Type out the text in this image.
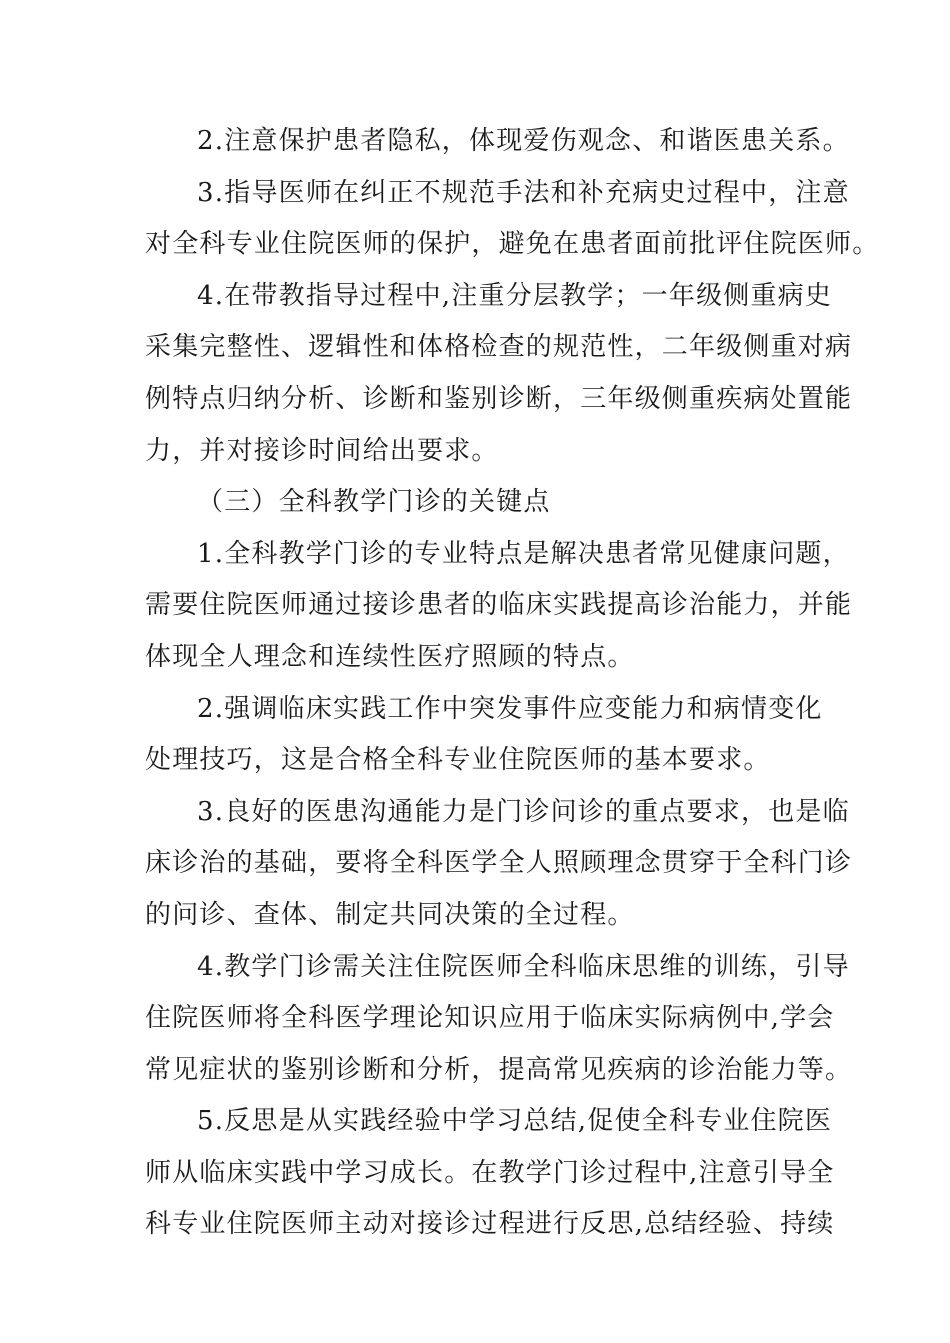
2.注意保护患者隐私，体现爱伤观念、和谐医患关系。

3.指导医师在纠正不规范手法和补充病史过程中，注意
对全科专业住院医师的保护，避免在患者面前批评住院医师。

4.在带教指导过程中,注重分层教学；一年级侧重病史
采集完整性、逻辑性和体格检查的规范性，二年级侧重对病
例特点归纳分析、诊断和鉴别诊断，三年级侧重疾病处置能
力，并对接诊时间给出要求。

（三）全科教学门诊的关键点

1.全科教学门诊的专业特点是解决患者常见健康问题，
需要住院医师通过接诊患者的临床实践提高诊治能力，并能
体现全人理念和连续性医疗照顾的特点。

2.强调临床实践工作中突发事件应变能力和病情变化
处理技巧，这是合格全科专业住院医师的基本要求。

3.良好的医患沟通能力是门诊问诊的重点要求，也是临
床诊治的基础，要将全科医学全人照顾理念贯穿于全科门诊
的问诊、查体、制定共同决策的全过程。

4.教学门诊需关注住院医师全科临床思维的训练，引导
住院医师将全科医学理论知识应用于临床实际病例中,学会
常见症状的鉴别诊断和分析，提高常见疾病的诊治能力等。

5.反思是从实践经验中学习总结,促使全科专业住院医
师从临床实践中学习成长。在教学门诊过程中,注意引导全
科专业住院医师主动对接诊过程进行反思,总结经验、持续
